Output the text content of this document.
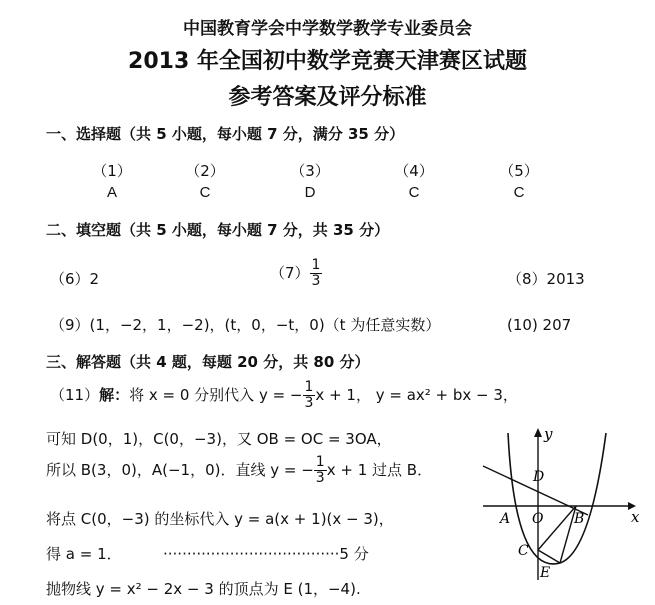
中国教育学会中学数学教学专业委员会
2013 年全国初中数学竞赛天津赛区试题
参考答案及评分标准
一、选择题（共 5 小题，每小题 7 分，满分 35 分）
（1）	（2）	（3）	（4）	（5）
A	C	D	C	C
二、填空题（共 5 小题，每小题 7 分，共 35 分）
（6）2	$(7) \frac{1}{3}$	（8）2013
（9）(1，−2，1，−2)，(t，0，−t，0)（t 为任意实数）	(10) 207
三、解答题（共 4 题，每题 20 分，共 80 分）
（11）解：将 x = 0 分别代入 y = − $\frac{1}{3}$ x + 1， y = ax² + bx − 3，
可知 D(0，1)，C(0，−3)，又 OB = OC = 3OA，
所以 B(3，0)，A(−1，0)．直线 y = − $\frac{1}{3}$ x + 1 过点 B．
将点 C(0，−3) 的坐标代入 y = a(x + 1)(x − 3)，
得 a = 1．	·····································5 分
抛物线 y = x² − 2x − 3 的顶点为 E (1，−4).
y
x
O
A	B
C
D
E
